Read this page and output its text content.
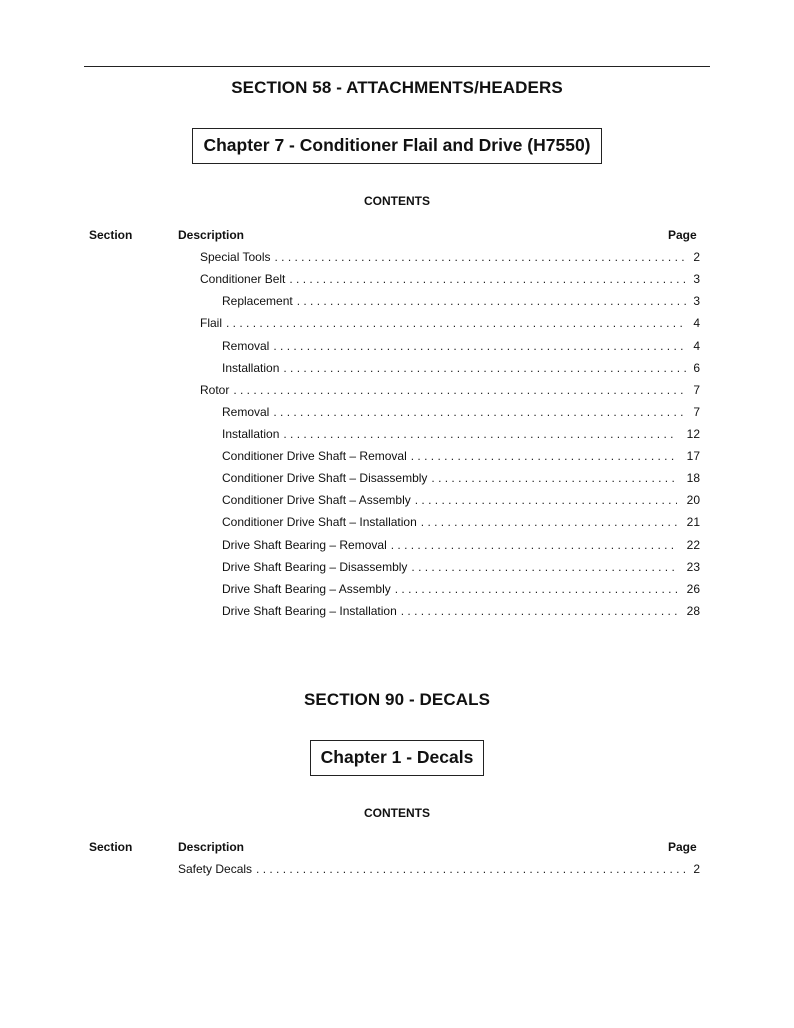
SECTION 58 - ATTACHMENTS/HEADERS
Chapter 7 - Conditioner Flail and Drive (H7550)
CONTENTS
Section	Description	Page
Special Tools . . .	2
Conditioner Belt . . .	3
Replacement . . .	3
Flail . . .	4
Removal . . .	4
Installation . . .	6
Rotor . . .	7
Removal . . .	7
Installation . . .	12
Conditioner Drive Shaft – Removal . . .	17
Conditioner Drive Shaft – Disassembly . . .	18
Conditioner Drive Shaft – Assembly . . .	20
Conditioner Drive Shaft – Installation . . .	21
Drive Shaft Bearing – Removal . . .	22
Drive Shaft Bearing – Disassembly . . .	23
Drive Shaft Bearing – Assembly . . .	26
Drive Shaft Bearing – Installation . . .	28
SECTION 90 - DECALS
Chapter 1 - Decals
CONTENTS
Section	Description	Page
Safety Decals . . .	2
